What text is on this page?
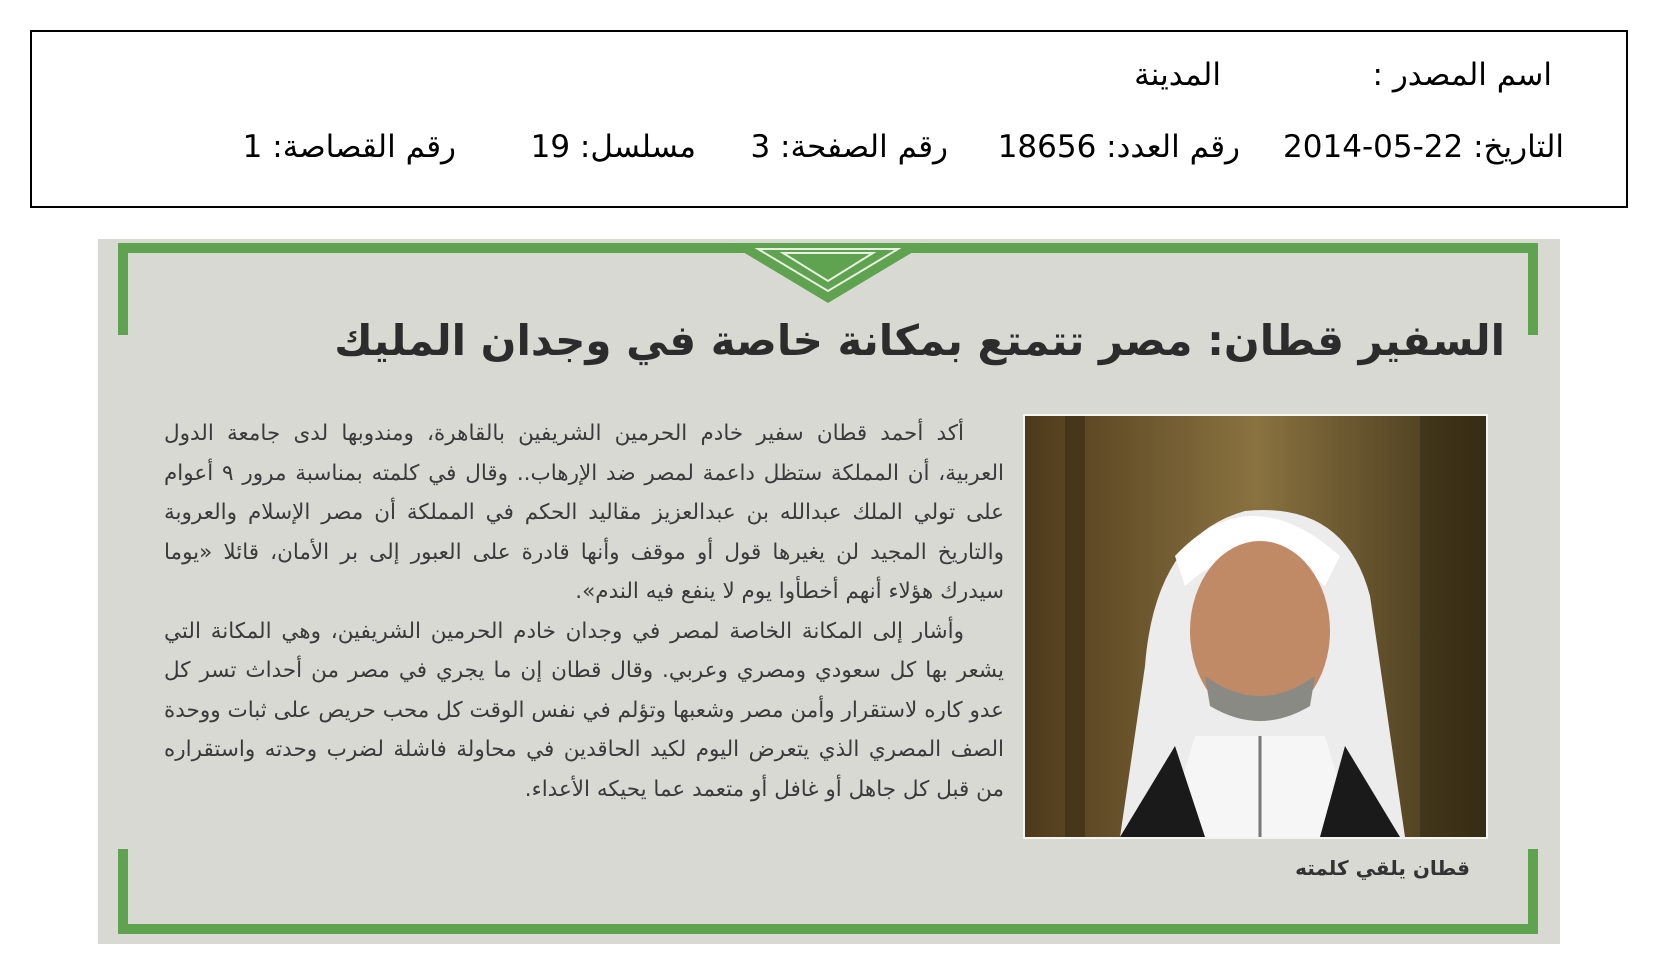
اسم المصدر :
المدينة
التاريخ: 22-05-2014
رقم العدد: 18656
رقم الصفحة: 3
مسلسل: 19
رقم القصاصة: 1
السفير قطان: مصر تتمتع بمكانة خاصة في وجدان المليك

أكد أحمد قطان سفير خادم الحرمين الشريفين بالقاهرة، ومندوبها لدى جامعة الدول العربية، أن المملكة ستظل داعمة لمصر ضد الإرهاب.. وقال في كلمته بمناسبة مرور ٩ أعوام على تولي الملك عبدالله بن عبدالعزيز مقاليد الحكم في المملكة أن مصر الإسلام والعروبة والتاريخ المجيد لن يغيرها قول أو موقف وأنها قادرة على العبور إلى بر الأمان، قائلا «يوما سيدرك هؤلاء أنهم أخطأوا يوم لا ينفع فيه الندم».

وأشار إلى المكانة الخاصة لمصر في وجدان خادم الحرمين الشريفين، وهي المكانة التي يشعر بها كل سعودي ومصري وعربي. وقال قطان إن ما يجري في مصر من أحداث تسر كل عدو كاره لاستقرار وأمن مصر وشعبها وتؤلم في نفس الوقت كل محب حريص على ثبات ووحدة الصف المصري الذي يتعرض اليوم لكيد الحاقدين في محاولة فاشلة لضرب وحدته واستقراره من قبل كل جاهل أو غافل أو متعمد عما يحيكه الأعداء.

قطان يلقي كلمته
